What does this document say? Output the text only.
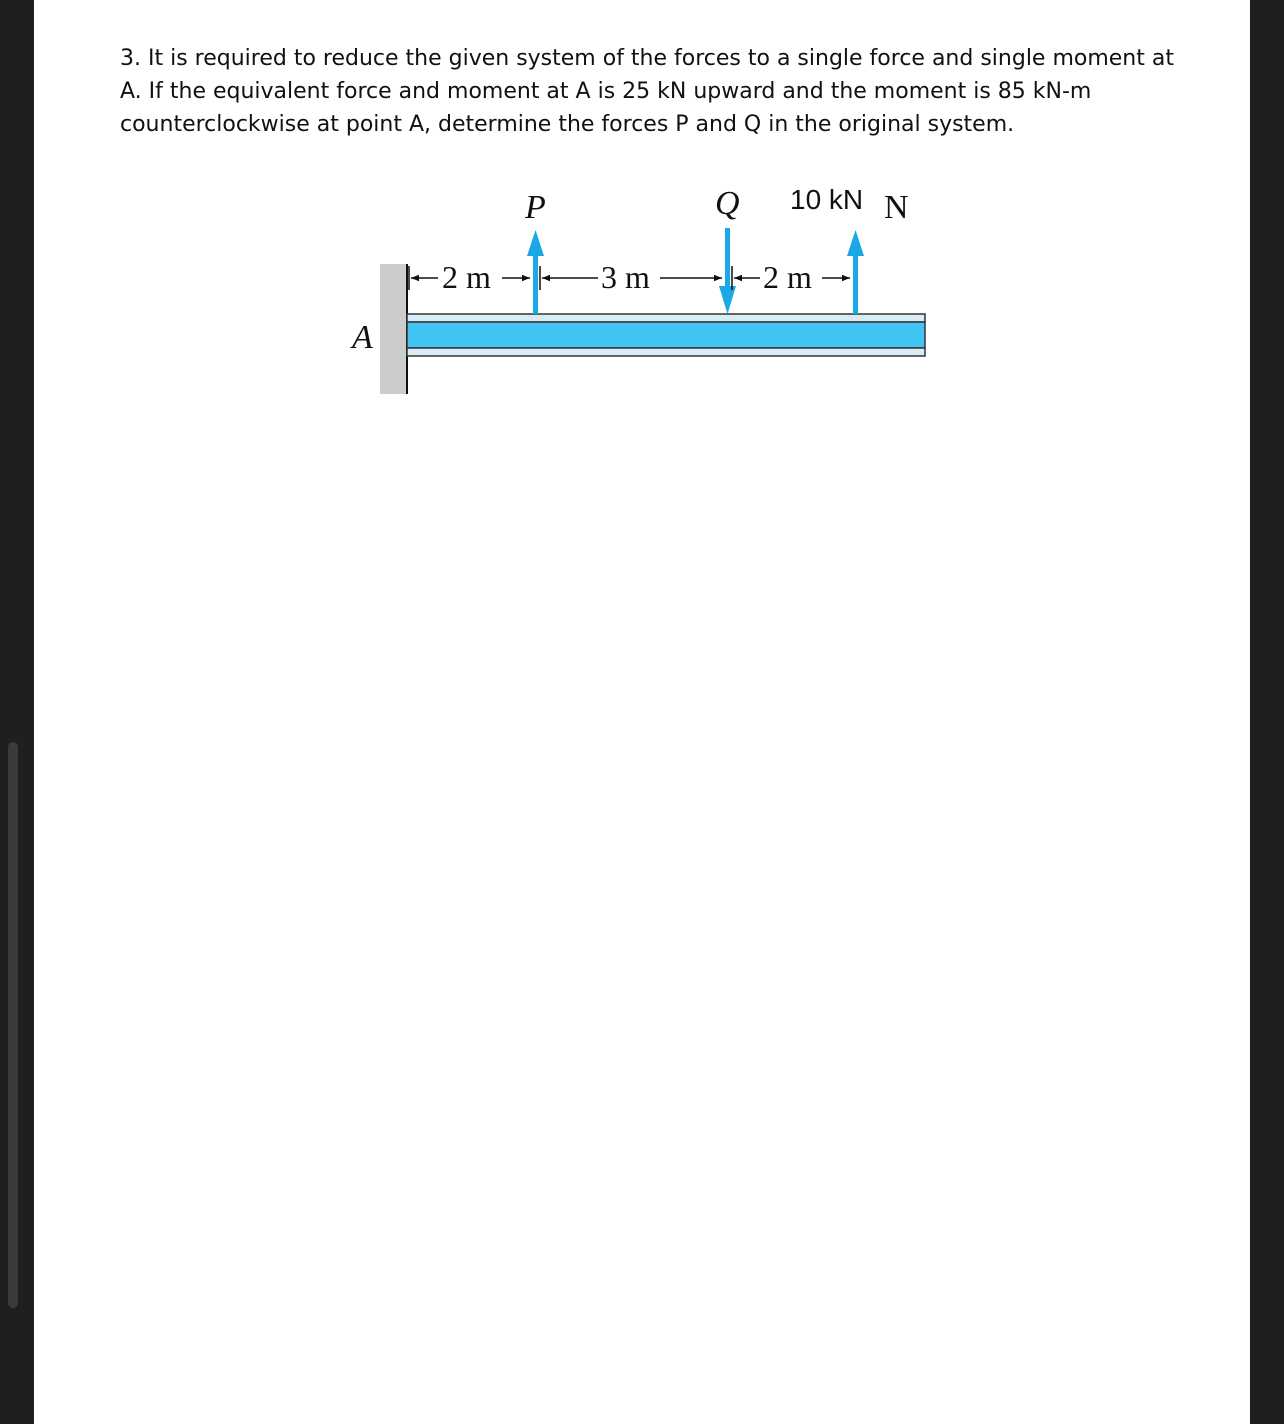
3. It is required to reduce the given system of the forces to a single force and single moment at A. If the equivalent force and moment at A is 25 kN upward and the moment is 85 kN-m counterclockwise at point A, determine the forces P and Q in the original system.

A
P	Q 10 kN N
2 m	3 m	2 m
